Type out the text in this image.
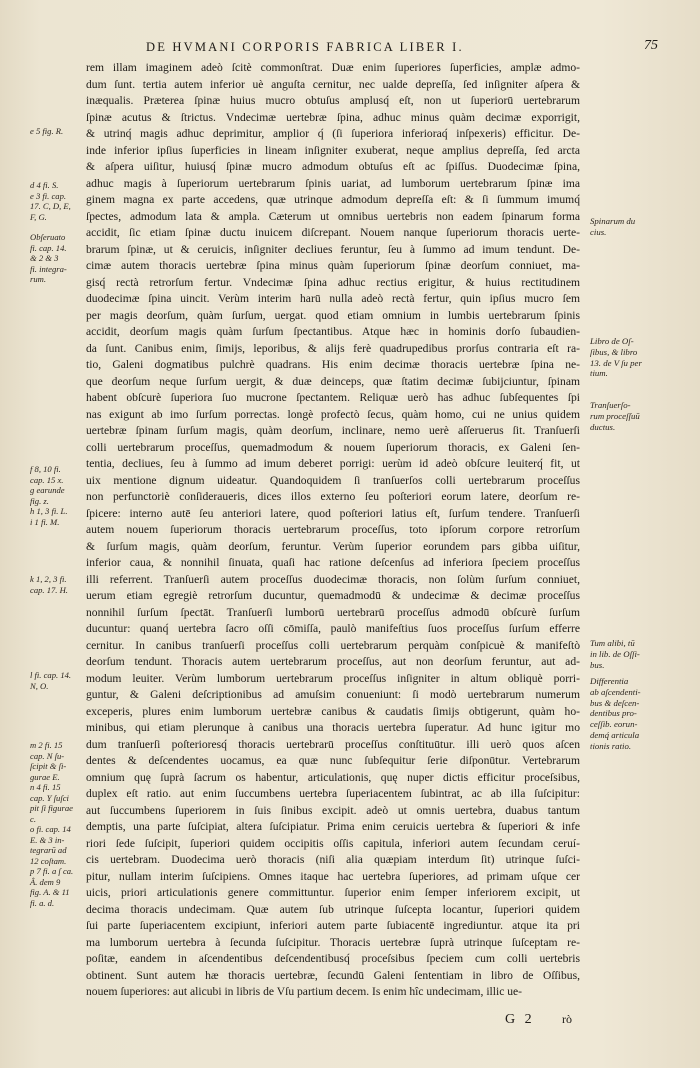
DE HVMANI CORPORIS FABRICA LIBER I.	75
e 5 fig. R.
d 4 fi. S.
e 3 fi. cap.
17. C, D, E,
F, G.
Obſeruato
fi. cap. 14.
& 2 & 3
fi. integra-
rum.
f 8, 10 fi.
cap. 15 x.
g earunde
fig. z.
h 1, 3 fi. L.
i 1 fi. M.
k 1, 2, 3 fi.
cap. 17. H.
l fi. cap. 14.
N, O.
m 2 fi. 15
cap. N ſu-
ſcipit & ſi-
gurae E.
n 4 fi. 15
cap. Y ſuſci
pit ſi figurae
c.
o fi. cap. 14
E. & 3 in-
tegrarū ad
12 coſtam.
p 7 fi. a ſ ca.
Â. dem 9
fig. A. & 11
fi. a. d.
rem illam imaginem adeò ſcitè commonſtrat. Duæ enim ſuperiores ſuperficies, amplæ admo-
dum ſunt. tertia autem inferior uè anguſta cernitur, nec ualde depreſſa, ſed inſigniter aſpera &
inæqualis. Præterea ſpinæ huius mucro obtuſus amplusq́ eſt, non ut ſuperiorū uertebrarum
ſpinæ acutus & ſtrictus. Vndecimæ uertebræ ſpina, adhuc minus quàm decimæ exporrigit,
& utrinq́ magis adhuc deprimitur, amplior q́ (ſi ſuperiora inferioraq́ inſpexeris) efficitur. De-
inde inferior ipſius ſuperficies in lineam inſigniter exuberat, neque amplius depreſſa, ſed arcta
& aſpera uiſitur, huiusq́ ſpinæ mucro admodum obtuſus eſt ac ſpiſſus. Duodecimæ ſpina,
adhuc magis à ſuperiorum uertebrarum ſpinis uariat, ad lumborum uertebrarum ſpinæ ima
ginem magna ex parte accedens, quæ utrinque admodum depreſſa eſt: & ſi ſummum imumq́
ſpectes, admodum lata & ampla. Cæterum ut omnibus uertebris non eadem ſpinarum forma
accidit, ſic etiam ſpinæ ductu inuicem diſcrepant. Nouem nanque ſuperiorum thoracis uerte-
brarum ſpinæ, ut & ceruicis, inſigniter decliues feruntur, ſeu à ſummo ad imum tendunt. De-
cimæ autem thoracis uertebræ ſpina minus quàm ſuperiorum ſpinæ deorſum conniuet, ma-
gisq́ rectà retrorſum fertur. Vndecimæ ſpina adhuc rectius erigitur, & huius rectitudinem
duodecimæ ſpina uincit. Verùm interim harū nulla adeò rectà fertur, quin ipſius mucro ſem
per magis deorſum, quàm ſurſum, uergat. quod etiam omnium in lumbis uertebrarum ſpinis
accidit, deorſum magis quàm ſurſum ſpectantibus. Atque hæc in hominis dorſo ſubaudien-
da ſunt. Canibus enim, ſimijs, leporibus, & alijs ferè quadrupedibus prorſus contraria eſt ra-
tio, Galeni dogmatibus pulchrè quadrans. His enim decimæ thoracis uertebræ ſpina ne-
que deorſum neque ſurſum uergit, & duæ deinceps, quæ ſtatim decimæ ſubijciuntur, ſpinam
habent obſcurè ſuperiora ſuo mucrone ſpectantem. Reliquæ uerò has adhuc ſubſequentes ſpi
nas exigunt ab imo ſurſum porrectas. longè profectò ſecus, quàm homo, cui ne unius quidem
uertebræ ſpinam ſurſum magis, quàm deorſum, inclinare, nemo uerè aſſeruerus ſit. Tranſuerſi
colli uertebrarum proceſſus, quemadmodum & nouem ſuperiorum thoracis, ex Galeni ſen-
tentia, decliues, ſeu à ſummo ad imum deberet porrigi: uerùm id adeò obſcure leuiterq́ fit, ut
uix mentione dignum uideatur. Quandoquidem ſi tranſuerſos colli uertebrarum proceſſus
non perfunctoriè conſideraueris, dices illos externo ſeu poſteriori eorum latere, deorſum re-
ſpicere: interno autē ſeu anteriori latere, quod poſteriori latius eſt, ſurſum tendere. Tranſuerſi
autem nouem ſuperiorum thoracis uertebrarum proceſſus, toto ipſorum corpore retrorſum
& ſurſum magis, quàm deorſum, feruntur. Verùm ſuperior eorundem pars gibba uiſitur,
inferior caua, & nonnihil ſinuata, quaſi hac ratione deſcenſus ad inferiora ſpeciem proceſſus
illi referrent. Tranſuerſi autem proceſſus duodecimæ thoracis, non ſolùm ſurſum conniuet,
uerum etiam egregiè retrorſum ducuntur, quemadmodū & undecimæ & decimæ proceſſus
nonnihil ſurſum ſpectāt. Tranſuerſi lumborū uertebrarū proceſſus admodū obſcurè ſurſum
ducuntur: quanq́ uertebra ſacro oſſi cōmiſſa, paulò manifeſtius ſuos proceſſus ſurſum efferre
cernitur. In canibus tranſuerſi proceſſus colli uertebrarum perquàm conſpicuè & manifeſtò
deorſum tendunt. Thoracis autem uertebrarum proceſſus, aut non deorſum feruntur, aut ad-
modum leuiter. Verùm lumborum uertebrarum proceſſus inſigniter in altum obliquè porri-
guntur, & Galeni deſcriptionibus ad amuſsim conueniunt: ſi modò uertebrarum numerum
exceperis, plures enim lumborum uertebræ canibus & caudatis ſimijs obtigerunt, quàm ho-
minibus, qui etiam plerunque à canibus una thoracis uertebra ſuperatur. Ad hunc igitur mo
dum tranſuerſi poſterioresq́ thoracis uertebrarū proceſſus conſtituūtur. illi uerò quos aſcen
dentes & deſcendentes uocamus, ea quæ nunc ſubſequitur ſerie diſponūtur. Vertebrarum
omnium quę ſuprà ſacrum os habentur, articulationis, quę nuper dictis efficitur proceſsibus,
duplex eſt ratio. aut enim ſuccumbens uertebra ſuperiacentem ſubintrat, ac ab illa ſuſcipitur:
aut ſuccumbens ſuperiorem in ſuis ſinibus excipit. adeò ut omnis uertebra, duabus tantum
demptis, una parte ſuſcipiat, altera ſuſcipiatur. Prima enim ceruicis uertebra & ſuperiori & infe
riori ſede ſuſcipit, ſuperiori quidem occipitis oſſis capitula, inferiori autem ſecundam ceruí-
cis uertebram. Duodecima uerò thoracis (niſi alia quæpiam interdum ſit) utrinque ſuſci-
pitur, nullam interim ſuſcipiens. Omnes itaque hac uertebra ſuperiores, ad primam uſque cer
uicis, priori articulationis genere committuntur. ſuperior enim ſemper inferiorem excipit, ut
decima thoracis undecimam. Quæ autem ſub utrinque ſuſcepta locantur, ſuperiori quidem
ſui parte ſuperiacentem excipiunt, inferiori autem parte ſubiacentē ingrediuntur. atque ita pri
ma lumborum uertebra à ſecunda ſuſcipitur. Thoracis uertebræ ſuprà utrinque ſuſceptam re-
poſitæ, eandem in aſcendentibus deſcendentibusq́ proceſsibus ſpeciem cum colli uertebris
obtinent. Sunt autem hæ thoracis uertebræ, ſecundū Galeni ſententiam in libro de Oſſibus,
nouem ſuperiores: aut alicubi in libris de Vſu partium decem. Is enim hîc undecimam, illic ue-
Spinarum du
cius.
Libro de Oſ-
ſibus, & libro
13. de V ſu per
tium.
Tranſuerſo-
rum proceſſuū
ductus.
Tum alibi, tū
in lib. de Oſſi-
bus.
Differentia
ab aſcendenti-
bus & deſcen-
dentibus pro-
ceſſib. eorun-
demq́ articula
tionis ratio.
G 2 rò
